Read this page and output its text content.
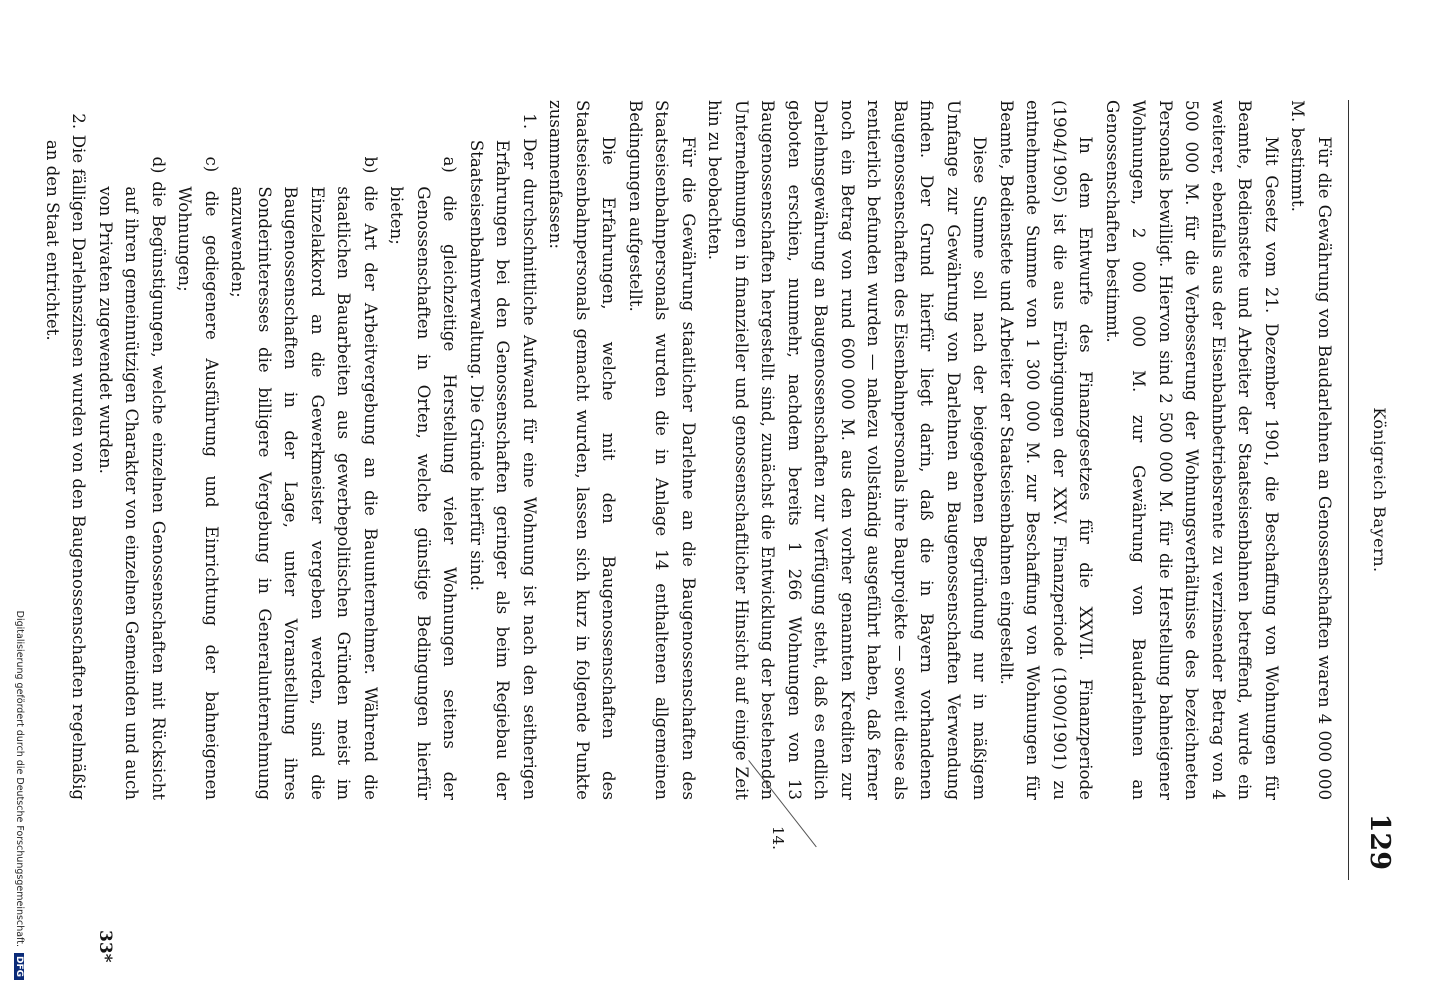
Königreich Bayern.
129

Für die Gewährung von Baudarlehnen an Genossenschaften waren 4 000 000 M. bestimmt.

Mit Gesetz vom 21. Dezember 1901, die Beschaffung von Wohnungen für Beamte, Bedienstete und Arbeiter der Staatseisenbahnen betreffend, wurde ein weiterer, ebenfalls aus der Eisenbahnbetriebsrente zu verzinsender Betrag von 4 500 000 M. für die Verbesserung der Wohnungsverhältnisse des bezeichneten Personals bewilligt. Hiervon sind 2 500 000 M. für die Herstellung bahneigener Wohnungen, 2 000 000 M. zur Gewährung von Baudarlehnen an Genossenschaften bestimmt.

In dem Entwurfe des Finanzgesetzes für die XXVII. Finanzperiode (1904/1905) ist die aus Erübrigungen der XXV. Finanzperiode (1900/1901) zu entnehmende Summe von 1 300 000 M. zur Beschaffung von Wohnungen für Beamte, Bedienstete und Arbeiter der Staatseisenbahnen eingestellt.

Diese Summe soll nach der beigegebenen Begründung nur in mäßigem Umfange zur Gewährung von Darlehnen an Baugenossenschaften Verwendung finden. Der Grund hierfür liegt darin, daß die in Bayern vorhandenen Baugenossenschaften des Eisenbahnpersonals ihre Bauprojekte — soweit diese als rentierlich befunden wurden — nahezu vollständig ausgeführt haben, daß ferner noch ein Betrag von rund 600 000 M. aus den vorher genannten Krediten zur Darlehnsgewährung an Baugenossenschaften zur Verfügung steht, daß es endlich geboten erschien, nunmehr, nachdem bereits 1 266 Wohnungen von 13 Baugenossenschaften hergestellt sind, zunächst die Entwicklung der bestehenden Unternehmungen in finanzieller und genossenschaftlicher Hinsicht auf einige Zeit hin zu beobachten.

Für die Gewährung staatlicher Darlehne an die Baugenossenschaften des Staatseisenbahnpersonals wurden die in Anlage 14 enthaltenen allgemeinen Bedingungen aufgestellt.

Die Erfahrungen, welche mit den Baugenossenschaften des Staatseisenbahnpersonals gemacht wurden, lassen sich kurz in folgende Punkte zusammenfassen:

1. Der durchschnittliche Aufwand für eine Wohnung ist nach den seitherigen Erfahrungen bei den Genossenschaften geringer als beim Regiebau der Staatseisenbahnverwaltung. Die Gründe hierfür sind:

a) die gleichzeitige Herstellung vieler Wohnungen seitens der Genossenschaften in Orten, welche günstige Bedingungen hierfür bieten;

b) die Art der Arbeitvergebung an die Bauunternehmer. Während die staatlichen Bauarbeiten aus gewerbepolitischen Gründen meist im Einzelakkord an die Gewerkmeister vergeben werden, sind die Baugenossenschaften in der Lage, unter Voranstellung ihres Sonderinteresses die billigere Vergebung in Generalunternehmung anzuwenden;

c) die gediegenere Ausführung und Einrichtung der bahneigenen Wohnungen;

d) die Begünstigungen, welche einzelnen Genossenschaften mit Rücksicht auf ihren gemeinnützigen Charakter von einzelnen Gemeinden und auch von Privaten zugewendet wurden.

2. Die fälligen Darlehnszinsen wurden von den Baugenossenschaften regelmäßig an den Staat entrichtet.

14.
33*
Digitalisierung gefördert durch die Deutsche Forschungsgemeinschaft.DFG
